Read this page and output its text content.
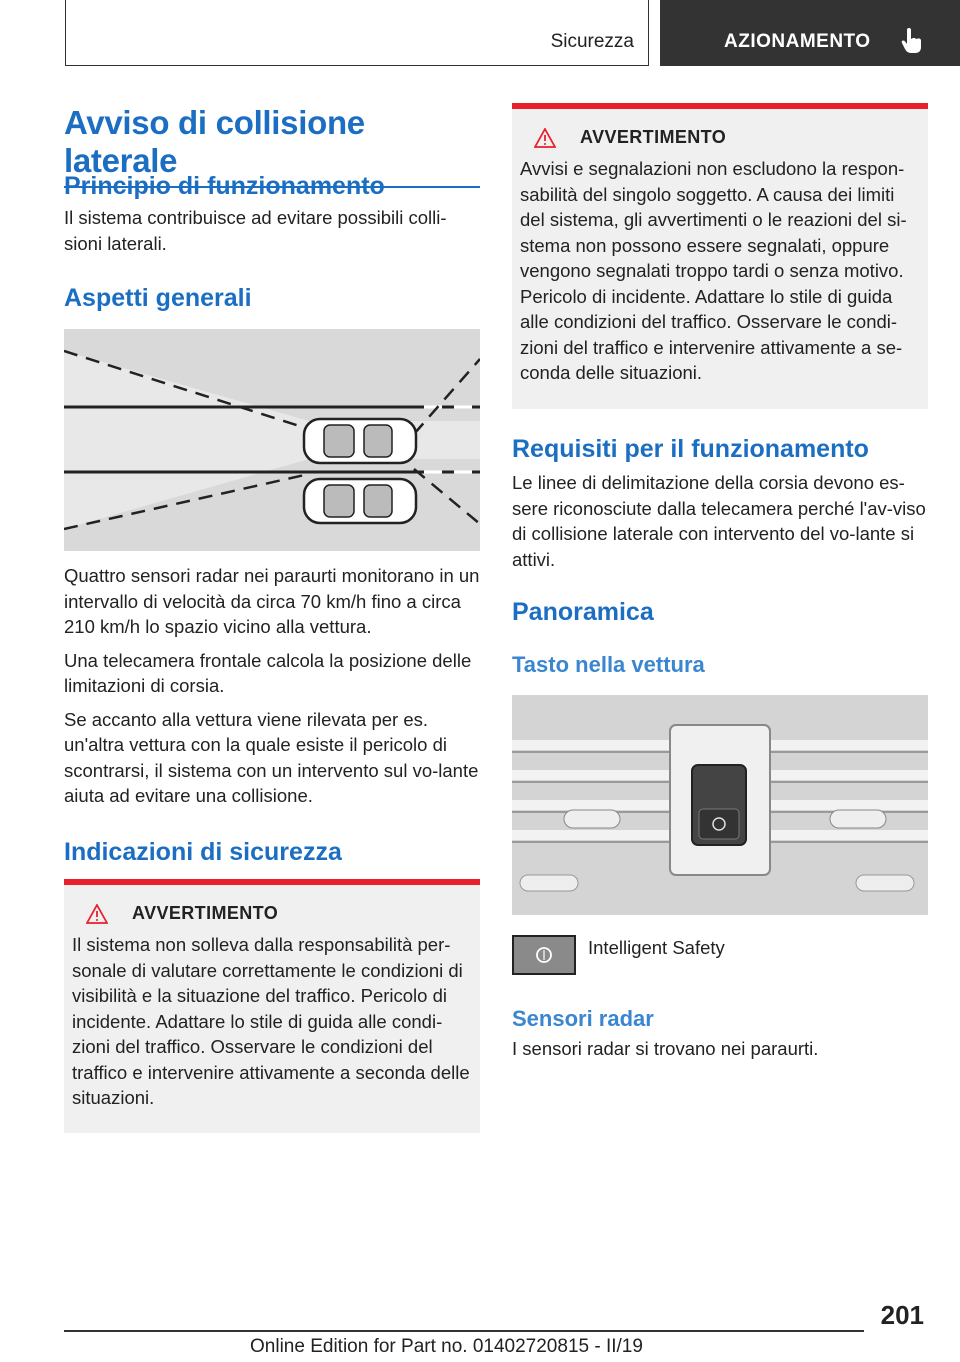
Sicurezza	AZIONAMENTO
Avviso di collisione laterale
Principio di funzionamento
Il sistema contribuisce ad evitare possibili colli-sioni laterali.
Aspetti generali
Quattro sensori radar nei paraurti monitorano in un intervallo di velocità da circa 70 km/h fino a circa 210 km/h lo spazio vicino alla vettura.
Una telecamera frontale calcola la posizione delle limitazioni di corsia.
Se accanto alla vettura viene rilevata per es. un'altra vettura con la quale esiste il pericolo di scontrarsi, il sistema con un intervento sul vo-lante aiuta ad evitare una collisione.
Indicazioni di sicurezza
AVVERTIMENTO
Il sistema non solleva dalla responsabilità per-sonale di valutare correttamente le condizioni di visibilità e la situazione del traffico. Pericolo di incidente. Adattare lo stile di guida alle condi-zioni del traffico. Osservare le condizioni del traffico e intervenire attivamente a seconda delle situazioni.
AVVERTIMENTO
Avvisi e segnalazioni non escludono la respon-sabilità del singolo soggetto. A causa dei limiti del sistema, gli avvertimenti o le reazioni del si-stema non possono essere segnalati, oppure vengono segnalati troppo tardi o senza motivo. Pericolo di incidente. Adattare lo stile di guida alle condizioni del traffico. Osservare le condi-zioni del traffico e intervenire attivamente a se-conda delle situazioni.
Requisiti per il funzionamento
Le linee di delimitazione della corsia devono es-sere riconosciute dalla telecamera perché l'av-viso di collisione laterale con intervento del vo-lante si attivi.
Panoramica
Tasto nella vettura
Intelligent Safety
Sensori radar
I sensori radar si trovano nei paraurti.
201
Online Edition for Part no. 01402720815 - II/19
